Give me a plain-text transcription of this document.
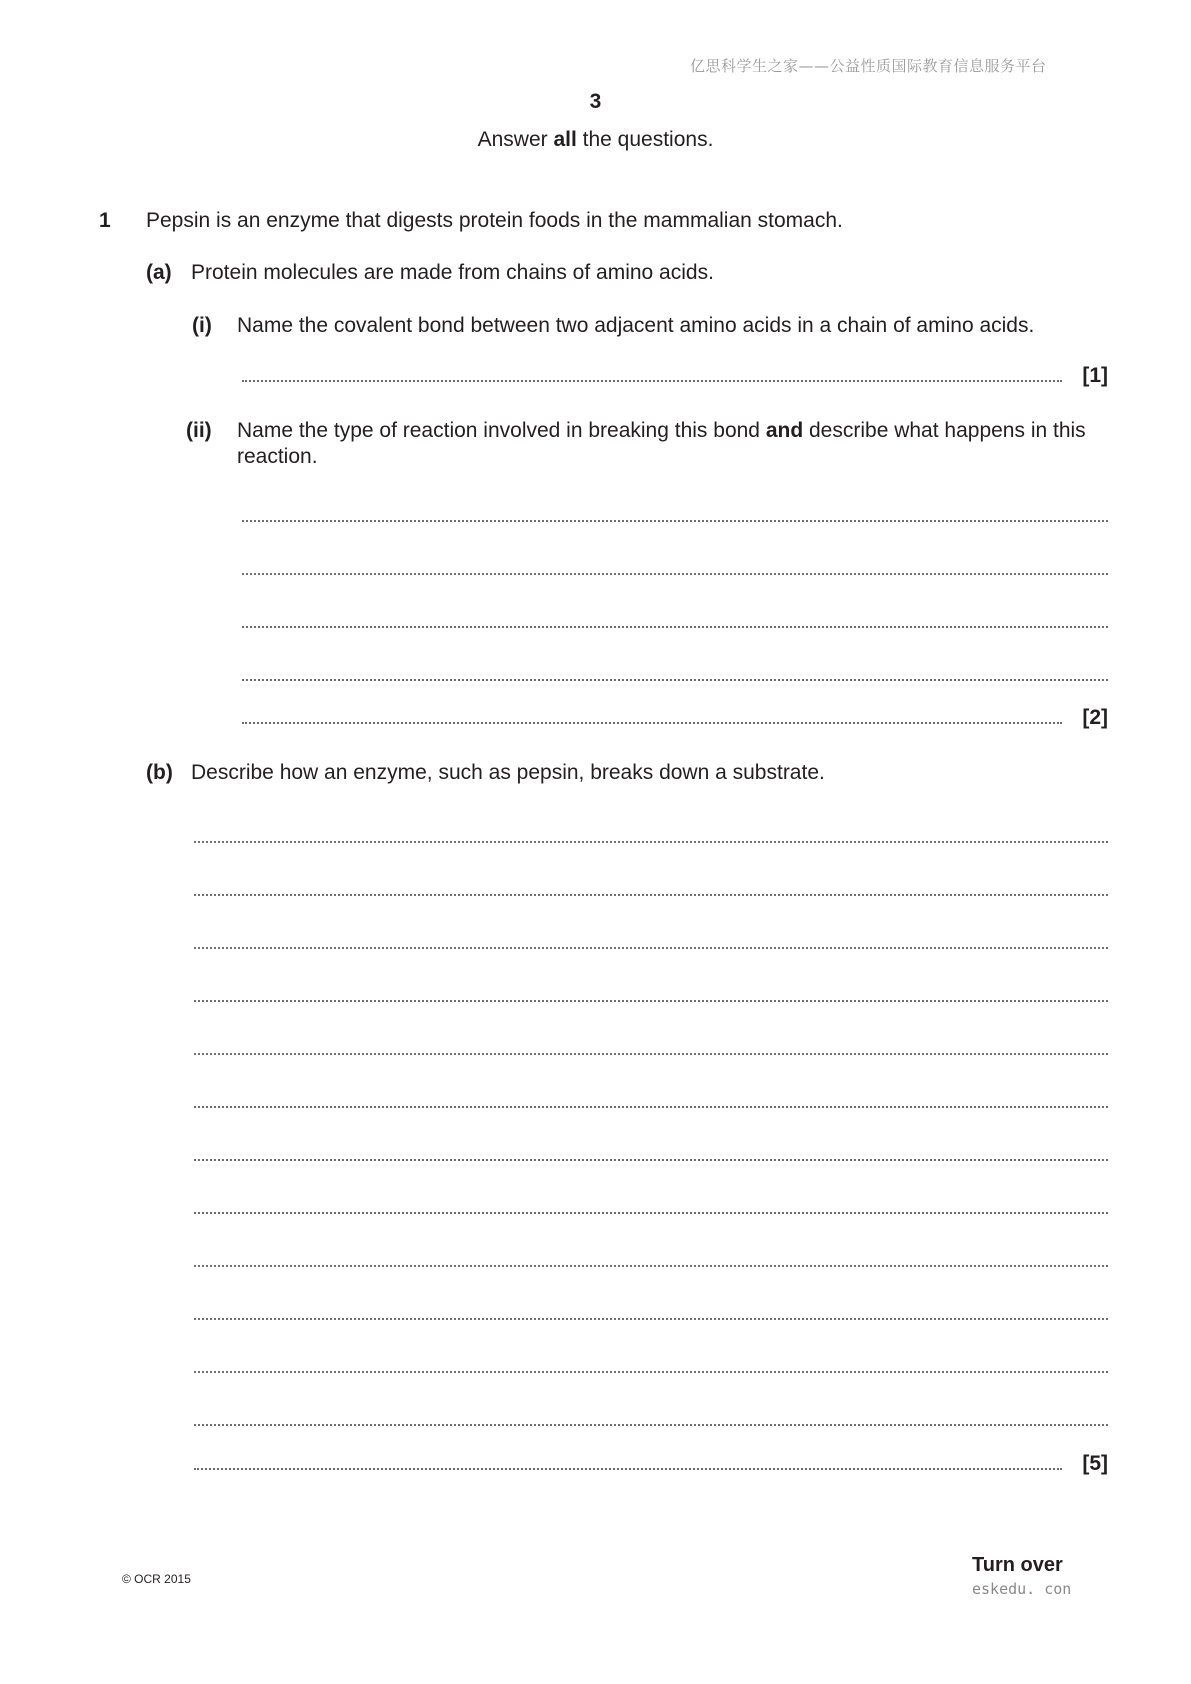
亿思科学生之家——公益性质国际教育信息服务平台
3
Answer all the questions.
1 Pepsin is an enzyme that digests protein foods in the mammalian stomach.
(a) Protein molecules are made from chains of amino acids.
(i) Name the covalent bond between two adjacent amino acids in a chain of amino acids.
[1]
(ii) Name the type of reaction involved in breaking this bond and describe what happens in this reaction.
[2]
(b) Describe how an enzyme, such as pepsin, breaks down a substrate.
[5]
© OCR 2015
Turn over
eskedu. con
